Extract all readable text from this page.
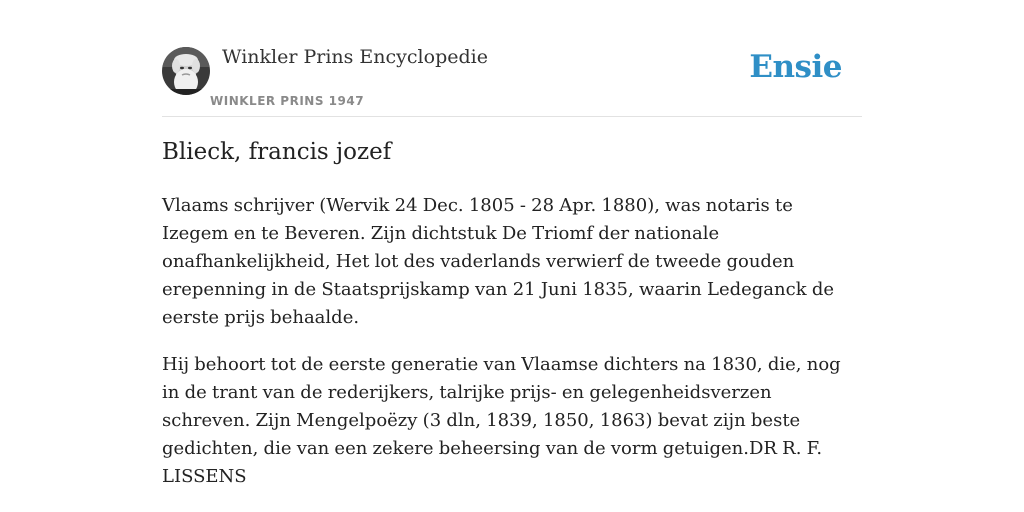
Winkler Prins Encyclopedie
WINKLER PRINS 1947
Ensie
Blieck, francis jozef

Vlaams schrijver (Wervik 24 Dec. 1805 - 28 Apr. 1880), was notaris te Izegem en te Beveren. Zijn dichtstuk De Triomf der nationale onafhankelijkheid, Het lot des vaderlands verwierf de tweede gouden erepenning in de Staatsprijskamp van 21 Juni 1835, waarin Ledeganck de eerste prijs behaalde.

Hij behoort tot de eerste generatie van Vlaamse dichters na 1830, die, nog in de trant van de rederijkers, talrijke prijs- en gelegenheidsverzen schreven. Zijn Mengelpoëzy (3 dln, 1839, 1850, 1863) bevat zijn beste gedichten, die van een zekere beheersing van de vorm getuigen.DR R. F. LISSENS
